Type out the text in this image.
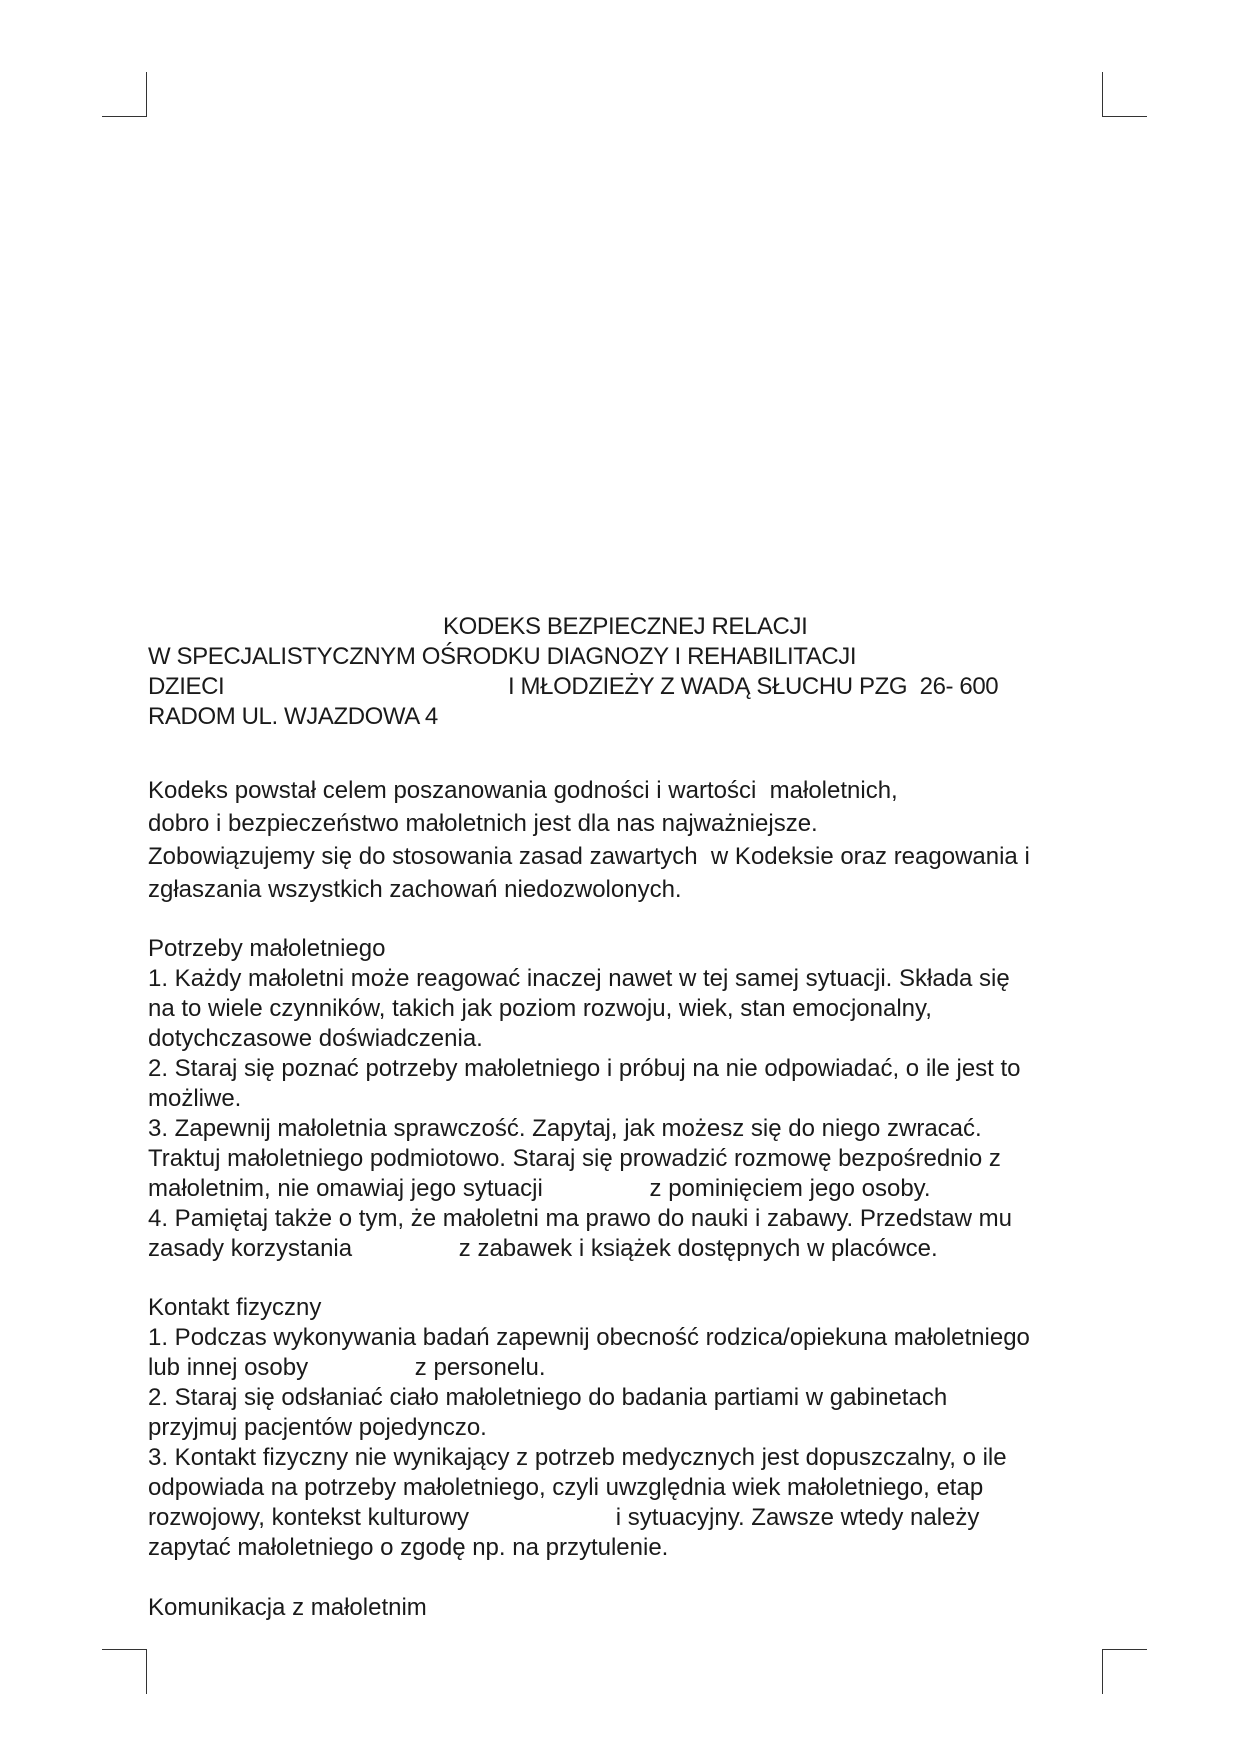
KODEKS BEZPIECZNEJ RELACJI

W SPECJALISTYCZNYM OŚRODKU DIAGNOZY I REHABILITACJI

DZIECI	I MŁODZIEŻY Z WADĄ SŁUCHU PZG  26- 600

RADOM UL. WJAZDOWA 4

Kodeks powstał celem poszanowania godności i wartości  małoletnich,

dobro i bezpieczeństwo małoletnich jest dla nas najważniejsze.

Zobowiązujemy się do stosowania zasad zawartych  w Kodeksie oraz reagowania i

zgłaszania wszystkich zachowań niedozwolonych.

Potrzeby małoletniego

1. Każdy małoletni może reagować inaczej nawet w tej samej sytuacji. Składa się

na to wiele czynników, takich jak poziom rozwoju, wiek, stan emocjonalny,

dotychczasowe doświadczenia.

2. Staraj się poznać potrzeby małoletniego i próbuj na nie odpowiadać, o ile jest to

możliwe.

3. Zapewnij małoletnia sprawczość. Zapytaj, jak możesz się do niego zwracać.

Traktuj małoletniego podmiotowo. Staraj się prowadzić rozmowę bezpośrednio z

małoletnim, nie omawiaj jego sytuacji                z pominięciem jego osoby.

4. Pamiętaj także o tym, że małoletni ma prawo do nauki i zabawy. Przedstaw mu

zasady korzystania                z zabawek i książek dostępnych w placówce.

Kontakt fizyczny

1. Podczas wykonywania badań zapewnij obecność rodzica/opiekuna małoletniego

lub innej osoby                z personelu.

2. Staraj się odsłaniać ciało małoletniego do badania partiami w gabinetach

przyjmuj pacjentów pojedynczo.

3. Kontakt fizyczny nie wynikający z potrzeb medycznych jest dopuszczalny, o ile

odpowiada na potrzeby małoletniego, czyli uwzględnia wiek małoletniego, etap

rozwojowy, kontekst kulturowy                      i sytuacyjny. Zawsze wtedy należy

zapytać małoletniego o zgodę np. na przytulenie.

Komunikacja z małoletnim
